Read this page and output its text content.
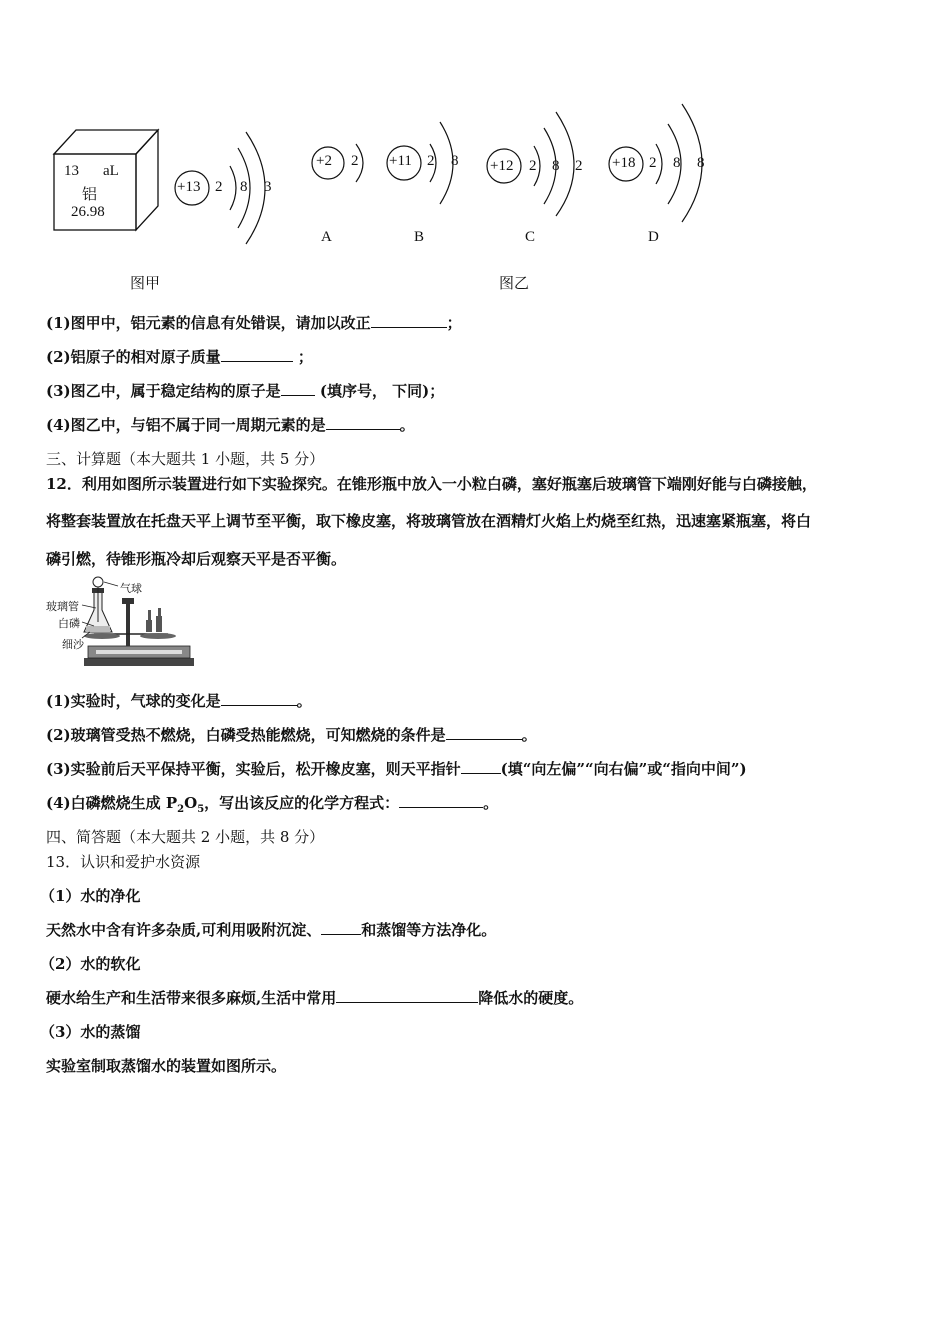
13 aL
铝
26.98
+13 2 8 3
图甲
+2 2
A
+11 2 8
B
+12 2 8 2
C
+18 2 8 8
D
图乙
(1)图甲中，铝元素的信息有处错误，请加以改正	；
(2)铝原子的相对原子质量	；
(3)图乙中，属于稳定结构的原子是 (填序号， 下同)；
(4)图乙中，与铝不属于同一周期元素的是	。
三、计算题（本大题共 1 小题，共 5 分）
12．利用如图所示装置进行如下实验探究。在锥形瓶中放入一小粒白磷，塞好瓶塞后玻璃管下端刚好能与白磷接触，
将整套装置放在托盘天平上调节至平衡，取下橡皮塞，将玻璃管放在酒精灯火焰上灼烧至红热，迅速塞紧瓶塞，将白
磷引燃，待锥形瓶冷却后观察天平是否平衡。
气球
玻璃管
白磷
细沙
(1)实验时，气球的变化是	。
(2)玻璃管受热不燃烧，白磷受热能燃烧，可知燃烧的条件是	。
(3)实验前后天平保持平衡，实验后，松开橡皮塞，则天平指针	(填“向左偏”“向右偏”或“指向中间”)
(4)白磷燃烧生成 $P_2O_5$，写出该反应的化学方程式：	。
四、简答题（本大题共 2 小题，共 8 分）
13．认识和爱护水资源
（1）水的净化
天然水中含有许多杂质,可利用吸附沉淀、	和蒸馏等方法净化。
（2）水的软化
硬水给生产和生活带来很多麻烦,生活中常用	降低水的硬度。
（3）水的蒸馏
实验室制取蒸馏水的装置如图所示。
